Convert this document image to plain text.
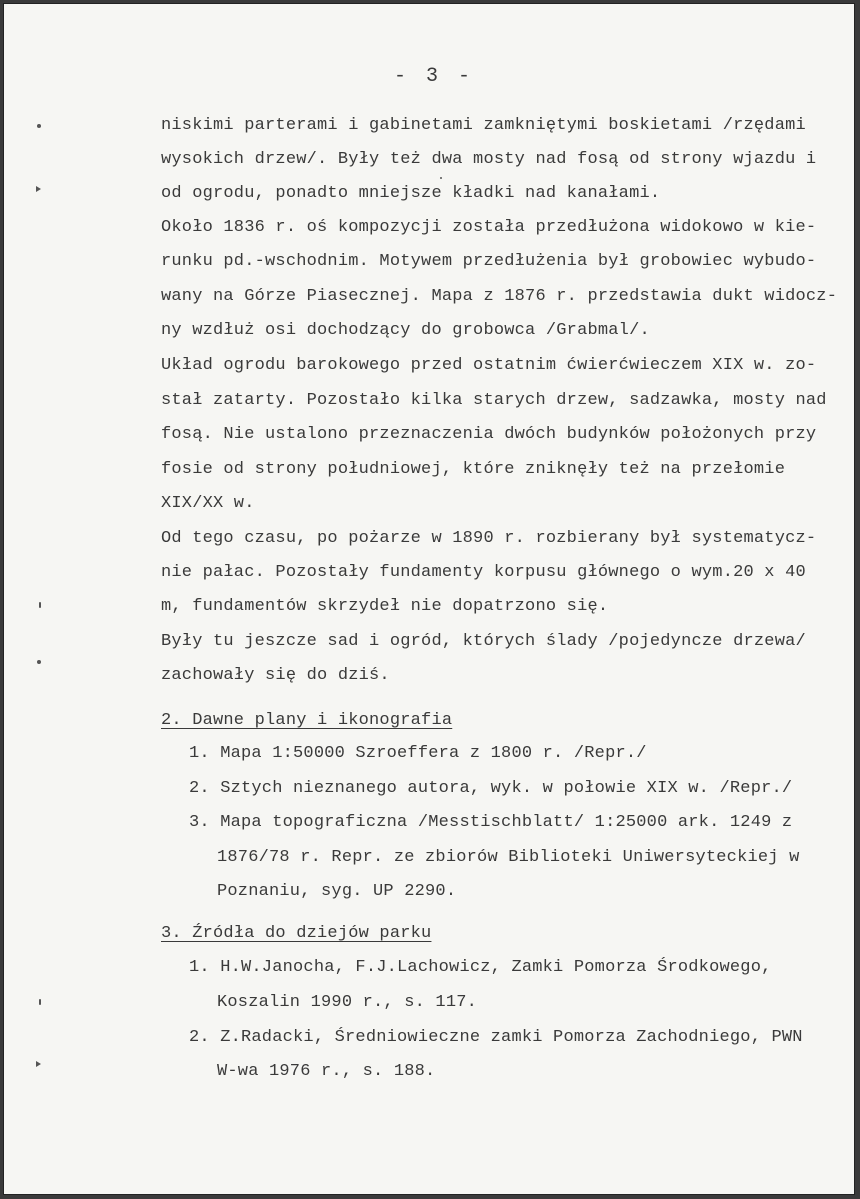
- 3 -
niskimi parterami i gabinetami zamkniętymi boskietami /rzędami
wysokich drzew/. Były też dwa mosty nad fosą od strony wjazdu i
od ogrodu, ponadto mniejsze kładki nad kanałami.
Około 1836 r. oś kompozycji została przedłużona widokowo w kie-
runku pd.-wschodnim. Motywem przedłużenia był grobowiec wybudo-
wany na Górze Piasecznej. Mapa z 1876 r. przedstawia dukt widocz-
ny wzdłuż osi dochodzący do grobowca /Grabmal/.
Układ ogrodu barokowego przed ostatnim ćwierćwieczem XIX w. zo-
stał zatarty. Pozostało kilka starych drzew, sadzawka, mosty nad
fosą. Nie ustalono przeznaczenia dwóch budynków położonych przy
fosie od strony południowej, które zniknęły też na przełomie
XIX/XX w.
Od tego czasu, po pożarze w 1890 r. rozbierany był systematycz-
nie pałac. Pozostały fundamenty korpusu głównego o wym.20 x 40
m, fundamentów skrzydeł nie dopatrzono się.
Były tu jeszcze sad i ogród, których ślady /pojedyncze drzewa/
zachowały się do dziś.
2. Dawne plany i ikonografia
1. Mapa 1:50000 Szroeffera z 1800 r. /Repr./
2. Sztych nieznanego autora, wyk. w połowie XIX w. /Repr./
3. Mapa topograficzna /Messtischblatt/ 1:25000 ark. 1249 z
1876/78 r. Repr. ze zbiorów Biblioteki Uniwersyteckiej w
Poznaniu, syg. UP 2290.
3. Źródła do dziejów parku
1. H.W.Janocha, F.J.Lachowicz, Zamki Pomorza Środkowego,
Koszalin 1990 r., s. 117.
2. Z.Radacki, Średniowieczne zamki Pomorza Zachodniego, PWN
W-wa 1976 r., s. 188.
